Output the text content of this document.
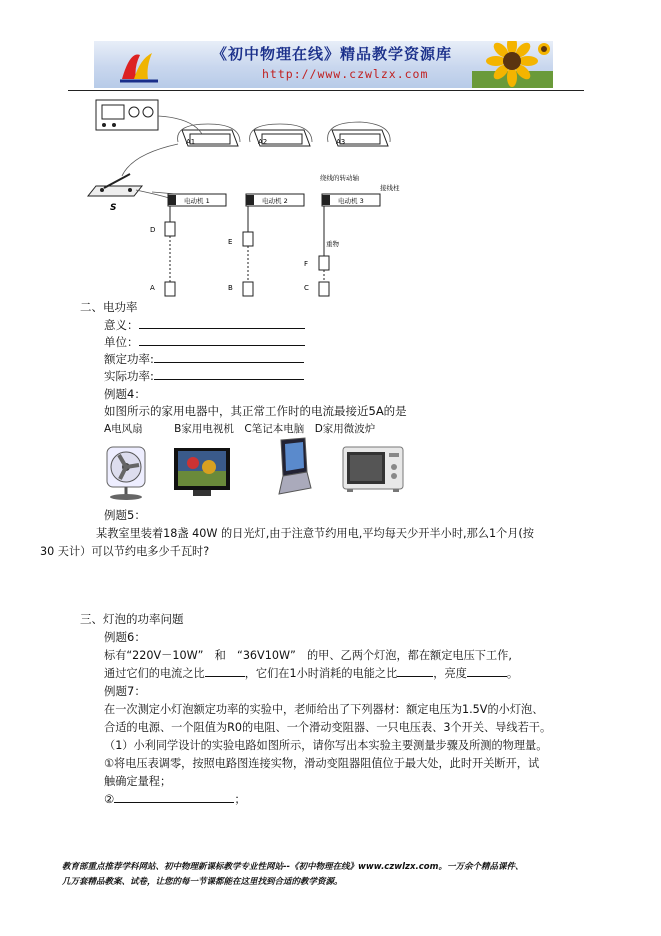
《初中物理在线》精品教学资源库
http://www.czwlzx.com
S
A1	A2	A3
电动机 1	电动机 2	电动机 3
绕线的转动轴
接线柱
重物
D
E
F
A	B	C
二、电功率
意义：
单位：
额定功率:
实际功率:
例题4：
如图所示的家用电器中，其正常工作时的电流最接近5A的是
A电风扇　　　B家用电视机　C笔记本电脑　D家用微波炉
例题5：
某教室里装着18盏 40W 的日光灯,由于注意节约用电,平均每天少开半小时,那么1个月(按
30 天计）可以节约电多少千瓦时?
三、灯泡的功率问题
例题6：
标有“220V－10W”　和　“36V10W”　的甲、乙两个灯泡，都在额定电压下工作,
通过它们的电流之比	，它们在1小时消耗的电能之比	，亮度	。
例题7：
在一次测定小灯泡额定功率的实验中，老师给出了下列器材：额定电压为1.5V的小灯泡、
合适的电源、一个阻值为R0的电阻、一个滑动变阻器、一只电压表、3个开关、导线若干。
（1）小利同学设计的实验电路如图所示，请你写出本实验主要测量步骤及所测的物理量。
①将电压表调零，按照电路图连接实物，滑动变阻器阻值位于最大处，此时开关断开，试
触确定量程；
②	；
教育部重点推荐学科网站、初中物理新课标教学专业性网站--《初中物理在线》www.czwlzx.com。一万余个精品课件、
几万套精品教案、试卷，让您的每一节课都能在这里找到合适的教学资源。
